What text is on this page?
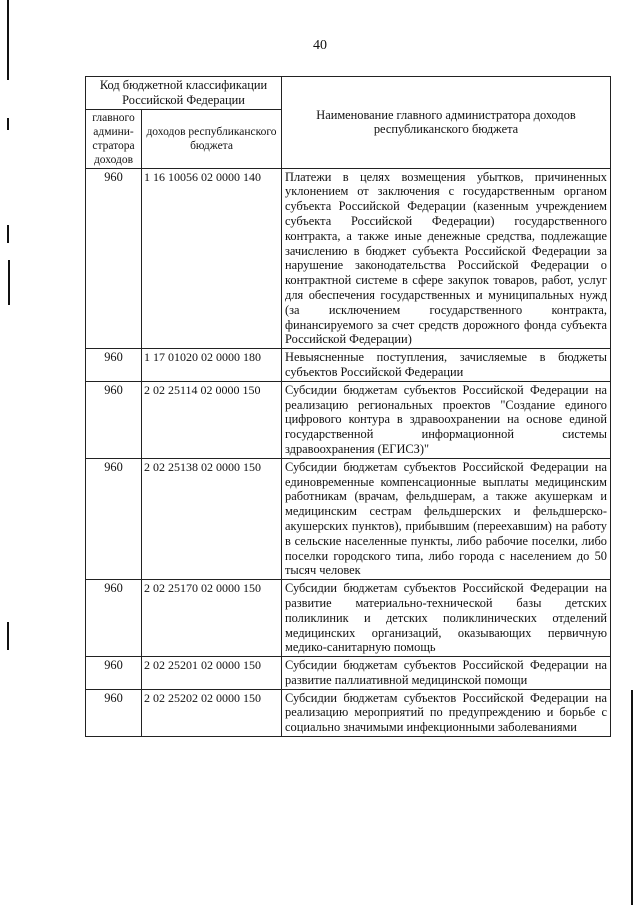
40
Код бюджетной классификации Российской Федерации		Наименование главного администратора доходов республиканского бюджета
главного админи-стратора доходов	доходов республиканского бюджета	
960	1 16 10056 02 0000 140	Платежи в целях возмещения убытков, причиненных уклонением от заключения с государственным органом субъекта Российской Федерации (казенным учреждением субъекта Российской Федерации) государственного контракта, а также иные денежные средства, подлежащие зачислению в бюджет субъекта Российской Федерации за нарушение законодательства Российской Федерации о контрактной системе в сфере закупок товаров, работ, услуг для обеспечения государственных и муниципальных нужд (за исключением государственного контракта, финансируемого за счет средств дорожного фонда субъекта Российской Федерации)
960	1 17 01020 02 0000 180	Невыясненные поступления, зачисляемые в бюджеты субъектов Российской Федерации
960	2 02 25114 02 0000 150	Субсидии бюджетам субъектов Российской Федерации на реализацию региональных проектов "Создание единого цифрового контура в здравоохранении на основе единой государственной информационной системы здравоохранения (ЕГИСЗ)"
960	2 02 25138 02 0000 150	Субсидии бюджетам субъектов Российской Федерации на единовременные компенсационные выплаты медицинским работникам (врачам, фельдшерам, а также акушеркам и медицинским сестрам фельдшерских и фельдшерско-акушерских пунктов), прибывшим (переехавшим) на работу в сельские населенные пункты, либо рабочие поселки, либо поселки городского типа, либо города с населением до 50 тысяч человек
960	2 02 25170 02 0000 150	Субсидии бюджетам субъектов Российской Федерации на развитие материально-технической базы детских поликлиник и детских поликлинических отделений медицинских организаций, оказывающих первичную медико-санитарную помощь
960	2 02 25201 02 0000 150	Субсидии бюджетам субъектов Российской Федерации на развитие паллиативной медицинской помощи
960	2 02 25202 02 0000 150	Субсидии бюджетам субъектов Российской Федерации на реализацию мероприятий по предупреждению и борьбе с социально значимыми инфекционными заболеваниями
